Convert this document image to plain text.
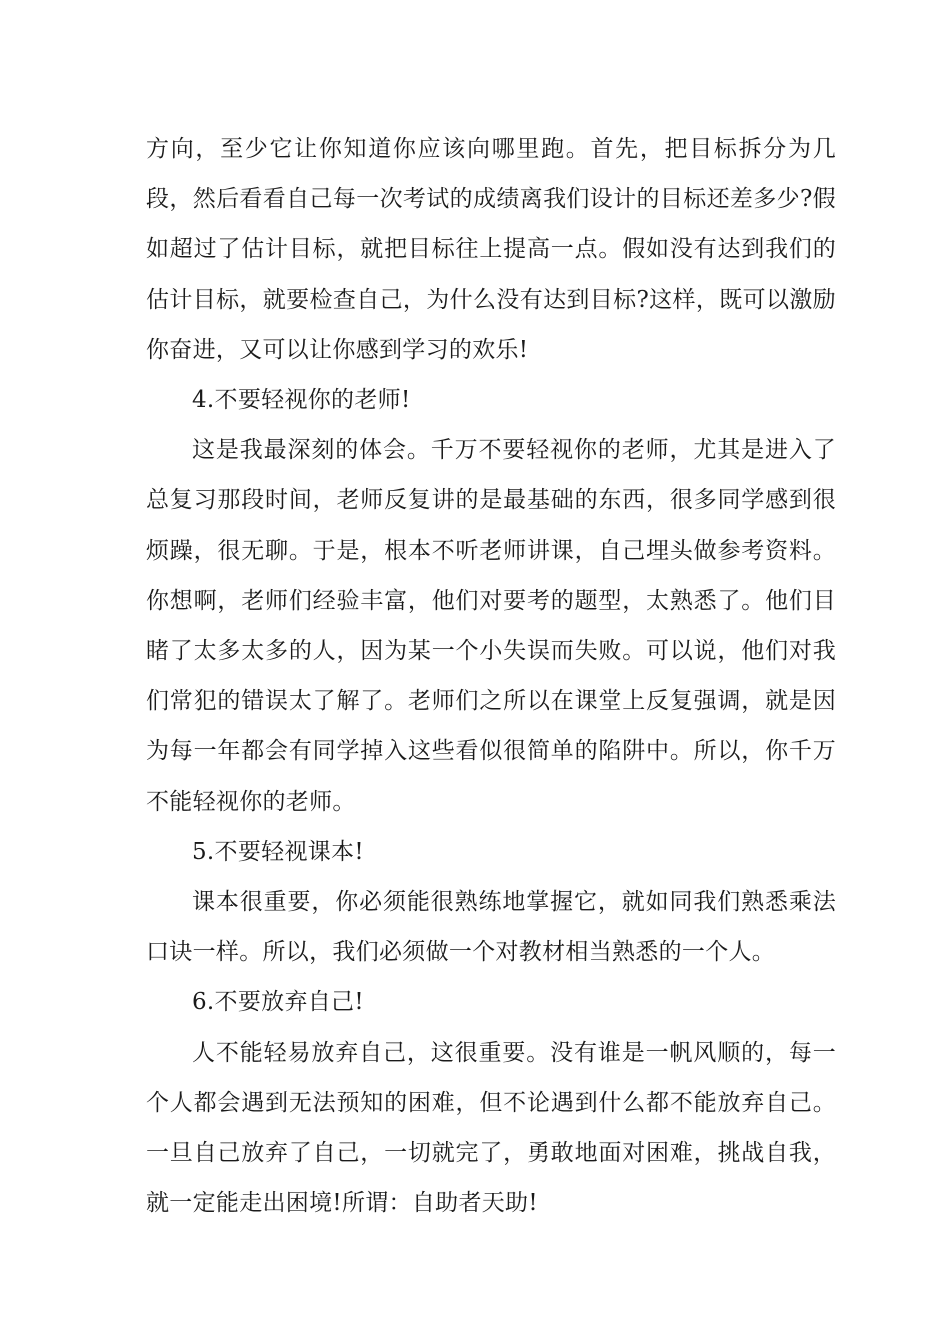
方向，至少它让你知道你应该向哪里跑。首先，把目标拆分为几段，然后看看自己每一次考试的成绩离我们设计的目标还差多少?假如超过了估计目标，就把目标往上提高一点。假如没有达到我们的估计目标，就要检查自己，为什么没有达到目标?这样，既可以激励你奋进，又可以让你感到学习的欢乐!

4.不要轻视你的老师!

这是我最深刻的体会。千万不要轻视你的老师，尤其是进入了总复习那段时间，老师反复讲的是最基础的东西，很多同学感到很烦躁，很无聊。于是，根本不听老师讲课，自己埋头做参考资料。你想啊，老师们经验丰富，他们对要考的题型，太熟悉了。他们目睹了太多太多的人，因为某一个小失误而失败。可以说，他们对我们常犯的错误太了解了。老师们之所以在课堂上反复强调，就是因为每一年都会有同学掉入这些看似很简单的陷阱中。所以，你千万不能轻视你的老师。

5.不要轻视课本!

课本很重要，你必须能很熟练地掌握它，就如同我们熟悉乘法口诀一样。所以，我们必须做一个对教材相当熟悉的一个人。

6.不要放弃自己!

人不能轻易放弃自己，这很重要。没有谁是一帆风顺的，每一个人都会遇到无法预知的困难，但不论遇到什么都不能放弃自己。一旦自己放弃了自己，一切就完了，勇敢地面对困难，挑战自我，就一定能走出困境!所谓：自助者天助!
